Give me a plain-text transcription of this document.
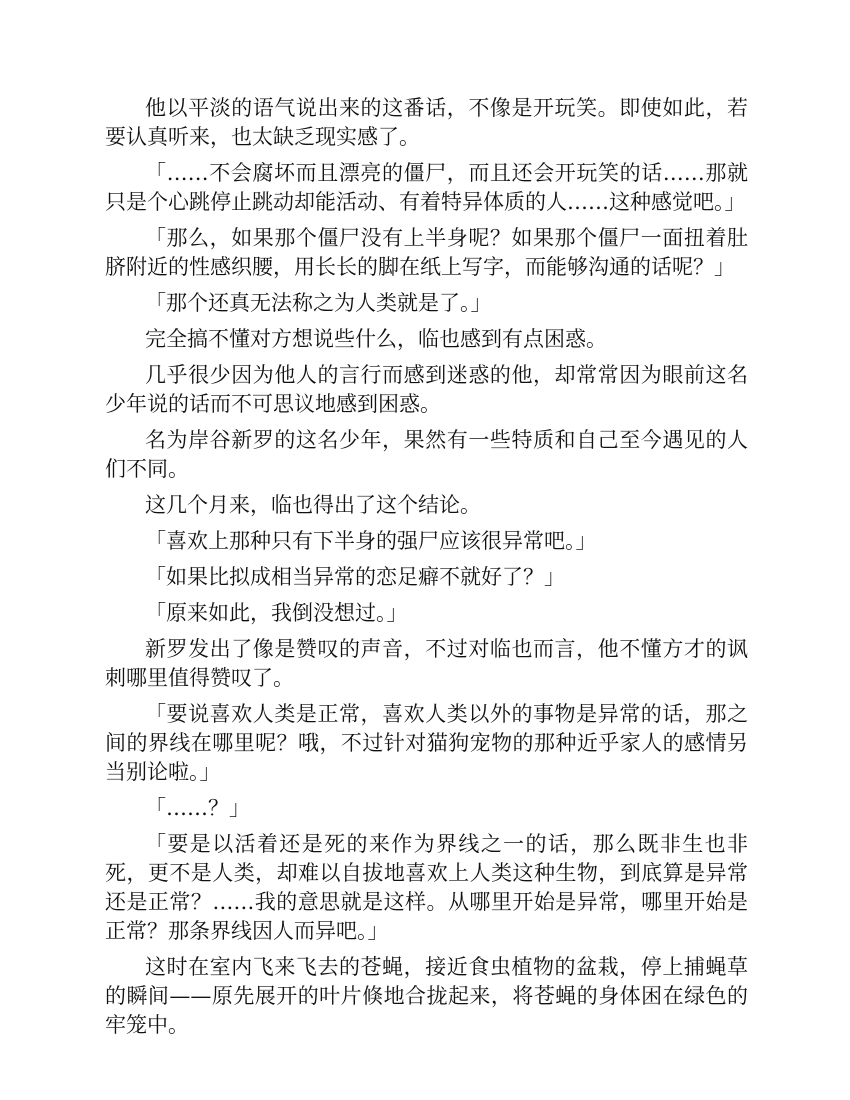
他以平淡的语气说出来的这番话，不像是开玩笑。即使如此，若要认真听来，也太缺乏现实感了。

「……不会腐坏而且漂亮的僵尸，而且还会开玩笑的话……那就只是个心跳停止跳动却能活动、有着特异体质的人……这种感觉吧。」

「那么，如果那个僵尸没有上半身呢？如果那个僵尸一面扭着肚脐附近的性感织腰，用长长的脚在纸上写字，而能够沟通的话呢？」

「那个还真无法称之为人类就是了。」

完全搞不懂对方想说些什么，临也感到有点困惑。

几乎很少因为他人的言行而感到迷惑的他，却常常因为眼前这名少年说的话而不可思议地感到困惑。

名为岸谷新罗的这名少年，果然有一些特质和自己至今遇见的人们不同。

这几个月来，临也得出了这个结论。

「喜欢上那种只有下半身的强尸应该很异常吧。」

「如果比拟成相当异常的恋足癖不就好了？」

「原来如此，我倒没想过。」

新罗发出了像是赞叹的声音，不过对临也而言，他不懂方才的讽刺哪里值得赞叹了。

「要说喜欢人类是正常，喜欢人类以外的事物是异常的话，那之间的界线在哪里呢？哦，不过针对猫狗宠物的那种近乎家人的感情另当别论啦。」

「……？」

「要是以活着还是死的来作为界线之一的话，那么既非生也非死，更不是人类，却难以自拔地喜欢上人类这种生物，到底算是异常还是正常？……我的意思就是这样。从哪里开始是异常，哪里开始是正常？那条界线因人而异吧。」

这时在室内飞来飞去的苍蝇，接近食虫植物的盆栽，停上捕蝇草的瞬间——原先展开的叶片倏地合拢起来，将苍蝇的身体困在绿色的牢笼中。
